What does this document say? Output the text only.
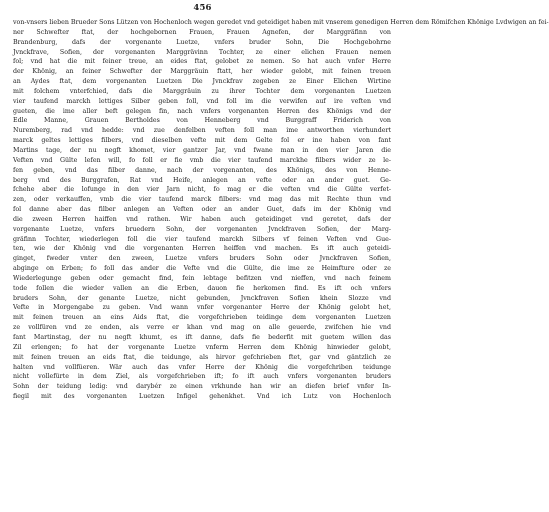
456
von-vnsers lieben Brueder Sons Lützen von Hochenloch wegen geredet vnd geteidiget haben mit vnserem genedigen Herren dem Römifchen Khönige Lvdwigen an fei-
ner Schwefter ftat, der hochgebornen Frauen, Frauen Agnefen, der Marggräfinn von
Brandenburg, dafs der vorgenante Luetze, vnfers bruder Sohn, Die Hochgebohrne
Jvnckfrave, Sofien, der vorgenanten Marggrävinn Tochter, ze einer elichen Frauen nemen
fol; vnd hat die mit feiner treue, an eides ftat, gelobet ze nemen. So hat auch vnfer Herre
der Khönig, an feiner Schwefter der Marggräuin ftatt, her wieder gelobt, mit feinen treuen
an Aydes ftat, dem vorgenanten Luetzen Die Jvnckfrav zegeben ze Einer Elichen Wirtine
mit folchem vnterfchied, dafs die Marggräuin zu ihrer Tochter dem vorgenanten Luetzen
vier taufend marckh lettiges Silber geben foll, vnd foll im die verwifen auf ire veften vnd
gueten, die ime aller beft gelegen fin, nach vnfers vorgenanten Herren des Khönigs vnd der
Edle Manne, Grauen Bertholdes von Henneberg vnd Burggraff Friderich von
Nuremberg, rad vnd hedde: vnd zue denfelben veften foll man ime antworthen vierhundert
marck geltes lettiges filbers, vnd dieselben vefte mit dem Gelte fol er ine haben von fant
Martins tage, der nu negft khomet, vier gantzer Jar, vnd fwane man in den vier Jaren die
Veften vnd Gülte lefen will, fo foll er fie vmb die vier taufend marckhe filbers wider ze le-
fen geben, vnd das filber danne, nach der vorgenanten, des Khönigs, des von Henne-
berg vnd des Burggrafen, Rat vnd Heife, anlegen an vefte oder an ander guet. Ge-
fchehe aber die lofunge in den vier Jarn nicht, fo mag er die veften vnd die Gülte verfet-
zen, oder verkauffen, vmb die vier taufend marck filbers: vnd mag das mit Rechte thun vnd
fol danne aber das filber anlegen an Veften oder an ander Guet, dafs im der Khönig vnd
die zween Herren haiffen vnd rathen. Wir haben auch geteidinget vnd geretet, dafs der
vorgenante Luetze, vnfers bruedern Sohn, der vorgenanten Jvnckfraven Sofien, der Marg-
gräfinn Tochter, wiederlegen foll die vier taufend marckh Silbers vf feinen Veften vnd Gue-
ten, wie der Khönig vnd die vorgenanten Herren heiffen vnd machen. Es ift auch geteidi-
ginget, fweder vnter den zween, Luetze vnfers bruders Sohn oder Jvnckfraven Sofien,
abginge on Erben; fo foll das ander die Vefte vnd die Gülte, die ime ze Heimfture oder ze
Wiederlegunge geben oder gemacht find, fein lebtage befitzen vnd nieffen, vnd nach feinem
tode follen die wieder vallen an die Erben, dauon fie herkomen find. Es ift och vnfers
bruders Sohn, der genante Luetze, nicht gebunden, Jvnckfraven Sofien khein Slozze vnd
Vefte in Morgengabe zu geben. Vnd wann vnfer vorgenanter Herre der Khönig gelobt het,
mit feinen treuen an eins Aids ftat, die vorgefchrieben teidinge dem vorgenanten Luetzen
ze vollfüren vnd ze enden, als verre er khan vnd mag on alle geuerde, zwifchen hie vnd
fant Martinstag, der nu negft khumt, es ift danne, dafs fie bederfit mit guetem willen das
Zil erlengen; fo hat der vorgenante Luetze vnferm Herren dem Khönig hinwieder gelobt,
mit feinen treuen an eids ftat, die teidunge, als hirvor gefchrieben ftet, gar vnd gäntzlich ze
halten vnd vollfüeren. Wär auch das vnfer Herre der Khönig die vorgefchriben teidunge
nicht vollefürte in dem Ziel, als vorgefchrieben ift; fo ift auch vnfers vorgenanten bruders
Sohn der teidung ledig: vnd darybér ze einen vrkhunde han wir an diefen brief vnfer In-
fiegil mit des vorgenanten Luetzen Infigel gehenkhet. Vnd ich Lutz von Hochenloch
